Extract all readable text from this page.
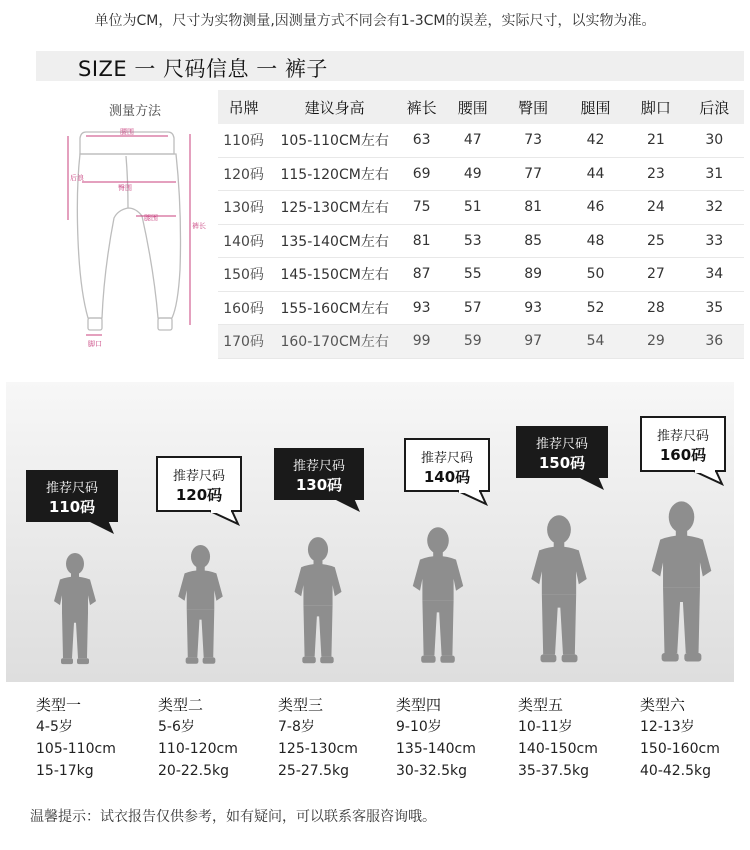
单位为CM，尺寸为实物测量,因测量方式不同会有1-3CM的误差，实际尺寸，以实物为准。
SIZE 一 尺码信息 一 裤子
测量方法
腰围
后浪
臀围
腿围
裤长
脚口
吊牌	建议身高	裤长	腰围	臀围	腿围	脚口	后浪
110码	105-110CM左右	63	47	73	42	21	30
120码	115-120CM左右	69	49	77	44	23	31
130码	125-130CM左右	75	51	81	46	24	32
140码	135-140CM左右	81	53	85	48	25	33
150码	145-150CM左右	87	55	89	50	27	34
160码	155-160CM左右	93	57	93	52	28	35
170码	160-170CM左右	99	59	97	54	29	36
推荐尺码
110码
推荐尺码
120码
推荐尺码
130码
推荐尺码
140码
推荐尺码
150码
推荐尺码
160码
类型一
4-5岁
105-110cm
15-17kg
类型二
5-6岁
110-120cm
20-22.5kg
类型三
7-8岁
125-130cm
25-27.5kg
类型四
9-10岁
135-140cm
30-32.5kg
类型五
10-11岁
140-150cm
35-37.5kg
类型六
12-13岁
150-160cm
40-42.5kg
温馨提示：试衣报告仅供参考，如有疑问，可以联系客服咨询哦。
